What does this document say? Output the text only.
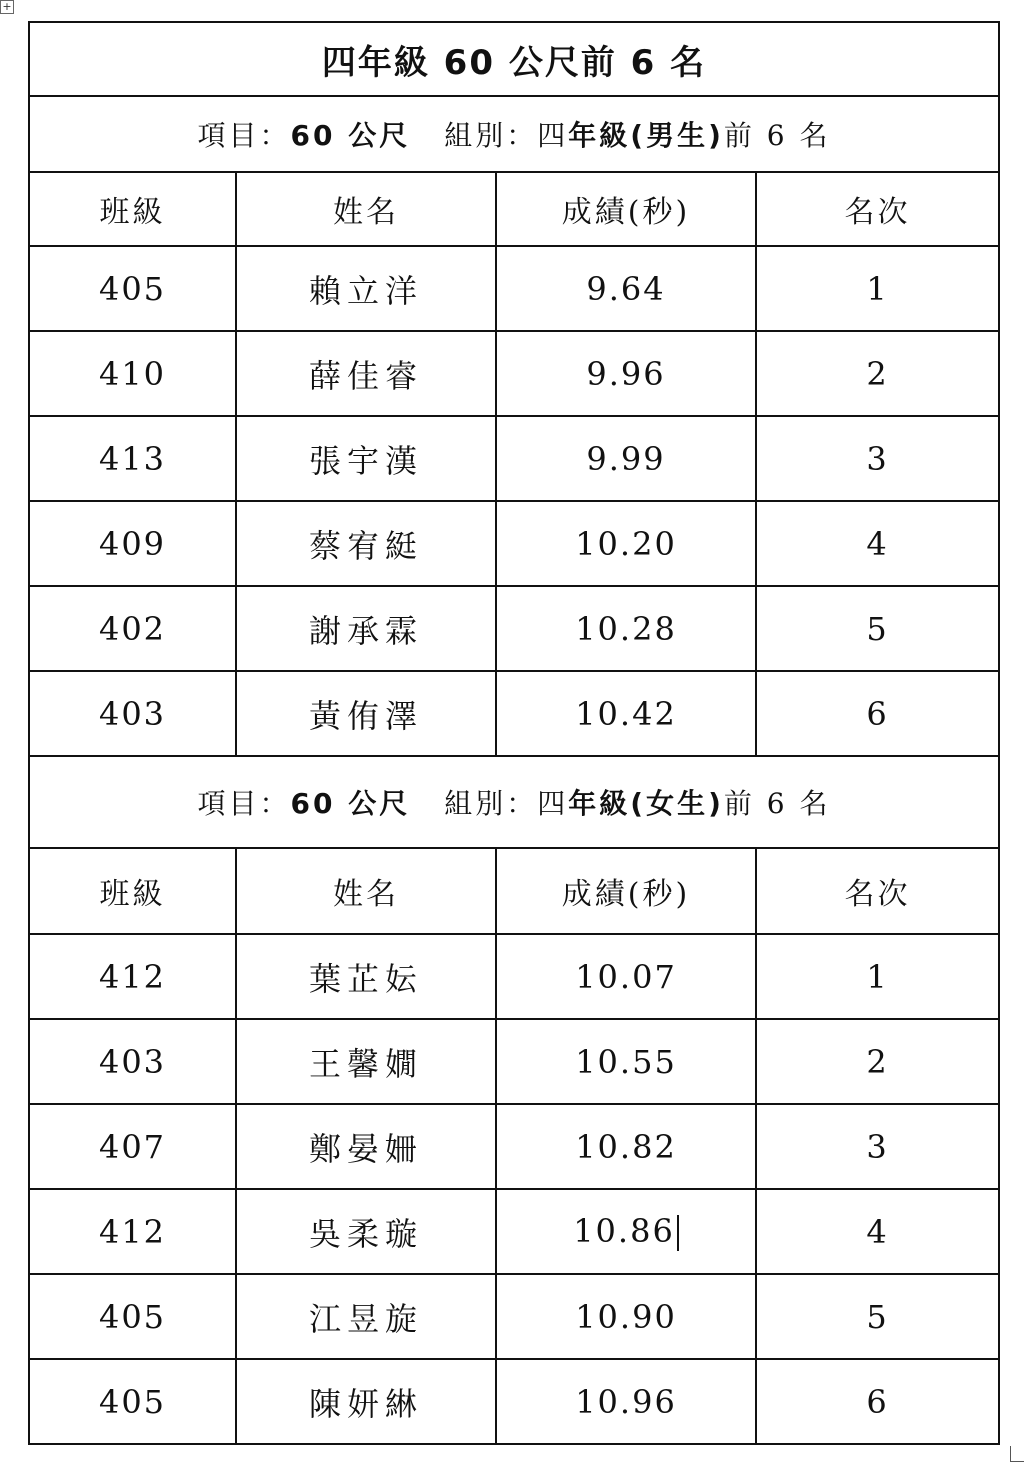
+
四年級 60 公尺前 6 名			
項目：60 公尺 組別：四年級(男生)前 6 名			
班級	姓名	成績(秒)	名次
405	賴立洋	9.64	1
410	薛佳睿	9.96	2
413	張宇漢	9.99	3
409	蔡宥綎	10.20	4
402	謝承霖	10.28	5
403	黃侑澤	10.42	6
項目：60 公尺 組別：四年級(女生)前 6 名			
班級	姓名	成績(秒)	名次
412	葉芷妘	10.07	1
403	王馨嫺	10.55	2
407	鄭晏姍	10.82	3
412	吳柔璇	10.86	4
405	江昱旋	10.90	5
405	陳妍綝	10.96	6
